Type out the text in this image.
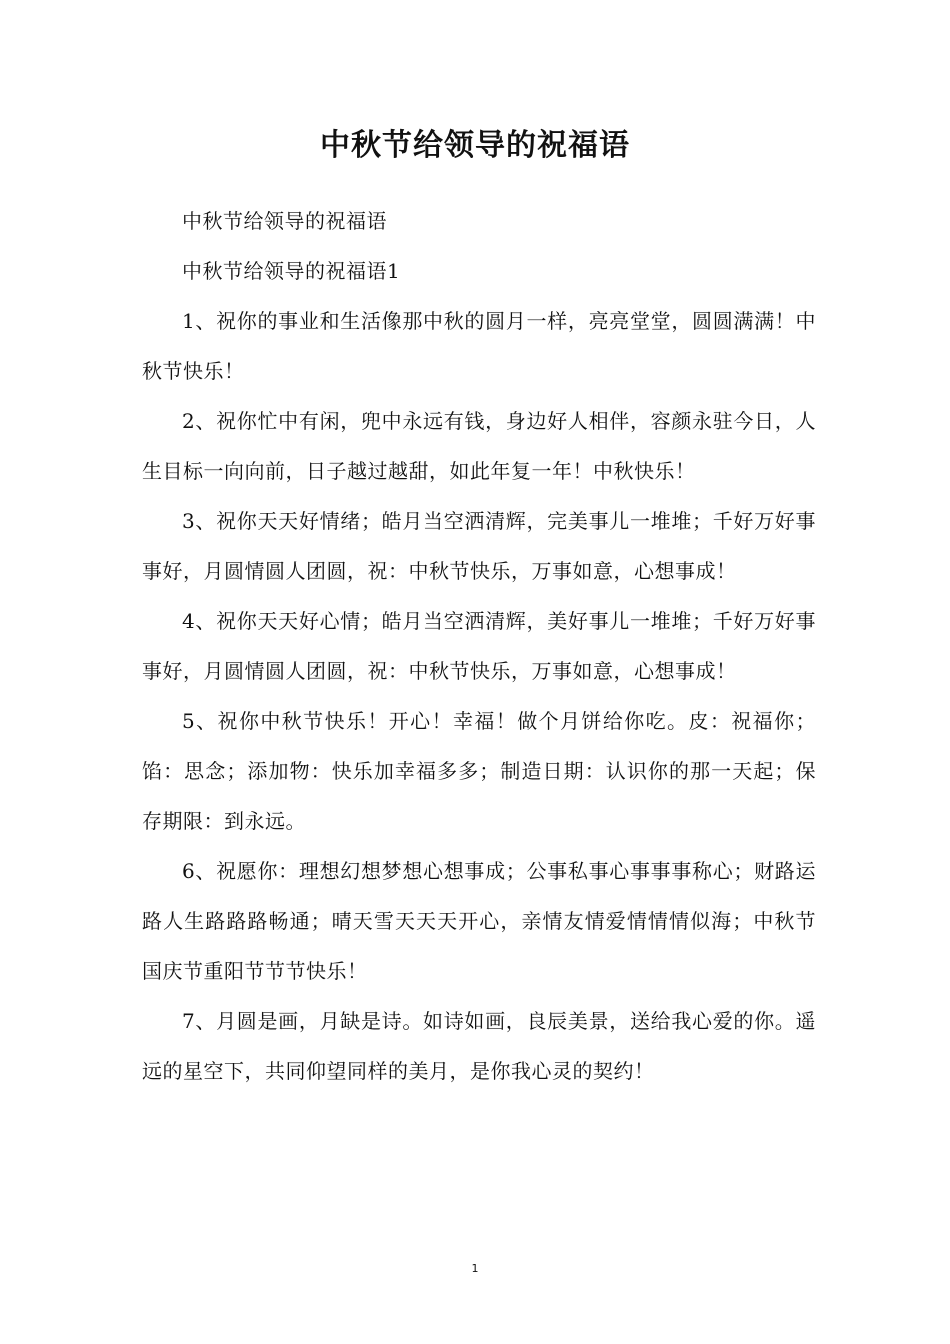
中秋节给领导的祝福语

中秋节给领导的祝福语

中秋节给领导的祝福语1

1、祝你的事业和生活像那中秋的圆月一样，亮亮堂堂，圆圆满满！中秋节快乐！

2、祝你忙中有闲，兜中永远有钱，身边好人相伴，容颜永驻今日，人生目标一向向前，日子越过越甜，如此年复一年！中秋快乐！

3、祝你天天好情绪；皓月当空洒清辉，完美事儿一堆堆；千好万好事事好，月圆情圆人团圆，祝：中秋节快乐，万事如意，心想事成！

4、祝你天天好心情；皓月当空洒清辉，美好事儿一堆堆；千好万好事事好，月圆情圆人团圆，祝：中秋节快乐，万事如意，心想事成！

5、祝你中秋节快乐！开心！幸福！做个月饼给你吃。皮：祝福你；馅：思念；添加物：快乐加幸福多多；制造日期：认识你的那一天起；保存期限：到永远。

6、祝愿你：理想幻想梦想心想事成；公事私事心事事事称心；财路运路人生路路路畅通；晴天雪天天天开心，亲情友情爱情情情似海；中秋节国庆节重阳节节节快乐！

7、月圆是画，月缺是诗。如诗如画，良辰美景，送给我心爱的你。遥远的星空下，共同仰望同样的美月，是你我心灵的契约！

1
